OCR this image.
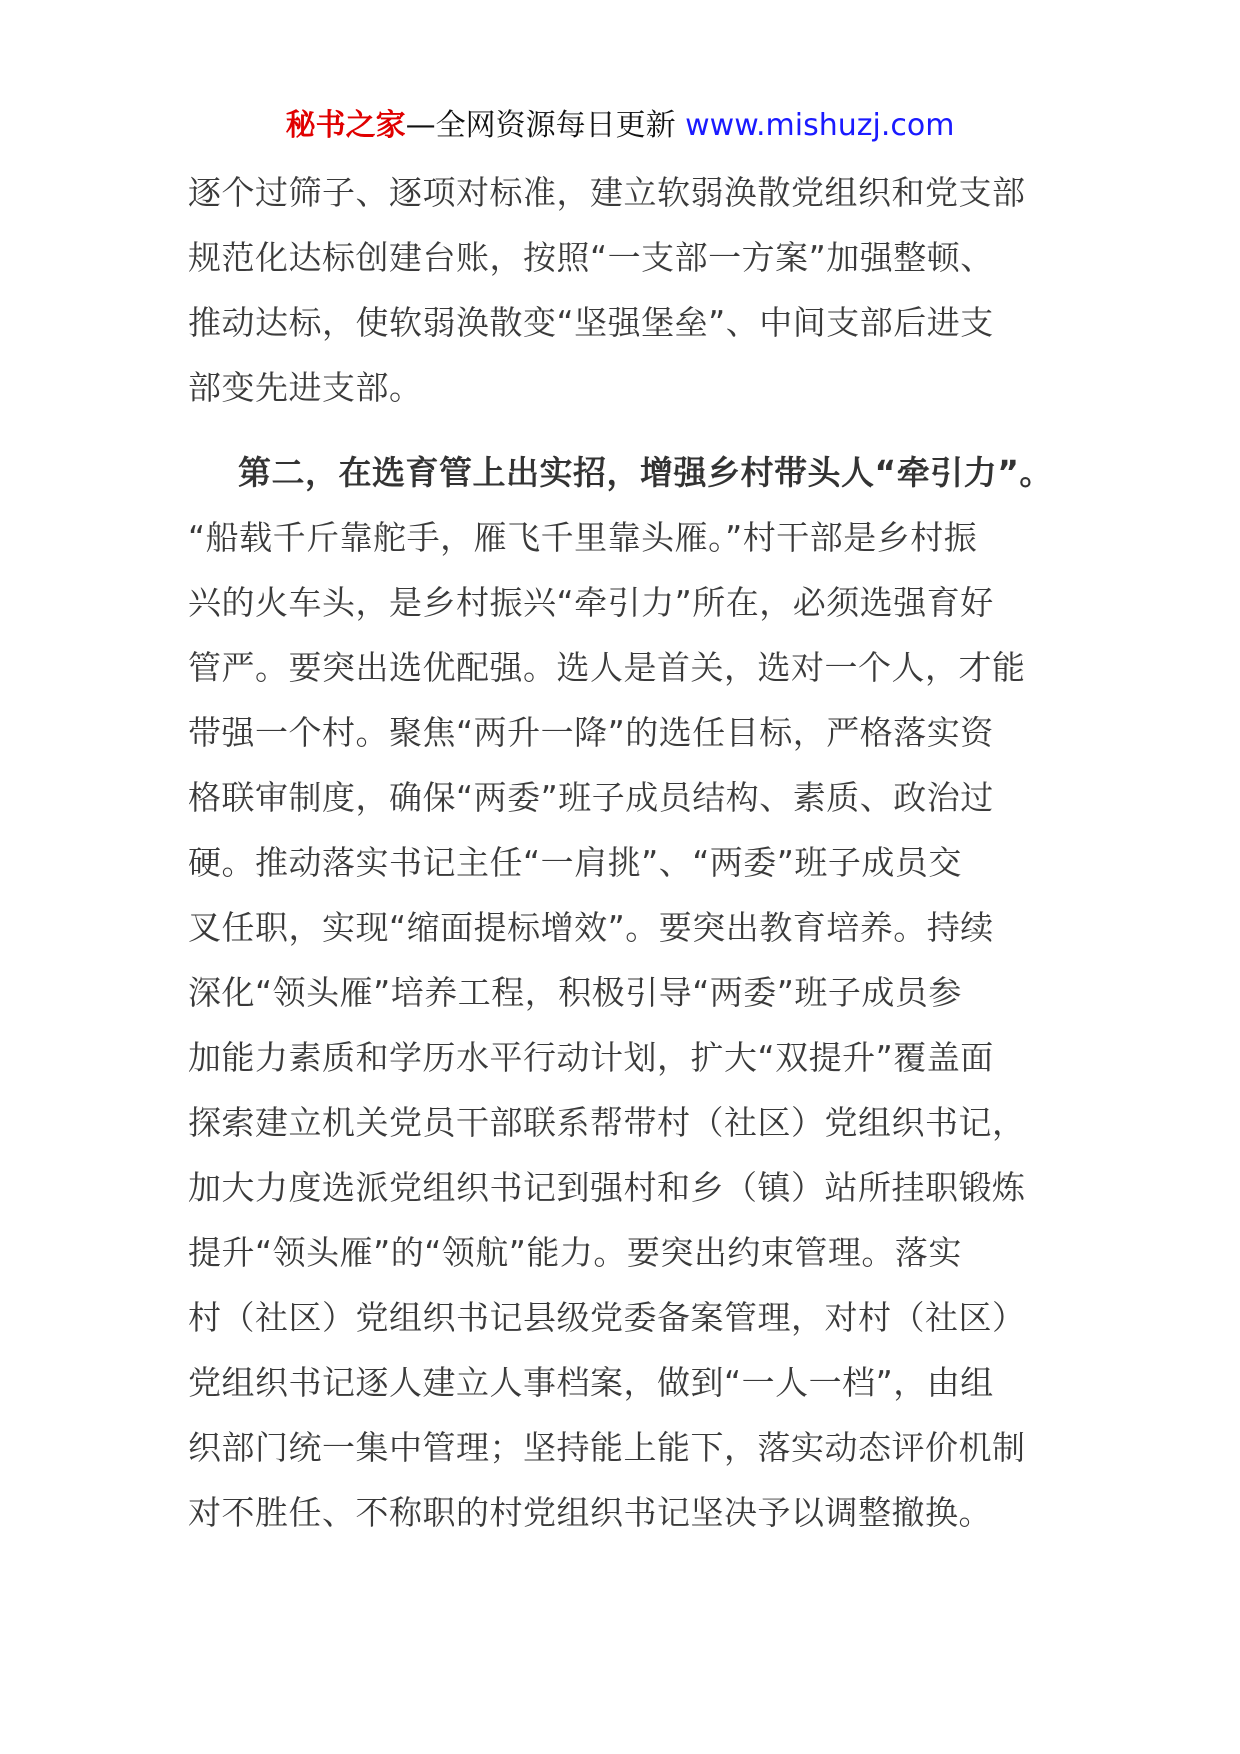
秘书之家—全网资源每日更新 www.mishuzj.com
逐个过筛子、逐项对标准，建立软弱涣散党组织和党支部
规范化达标创建台账，按照“一支部一方案”加强整顿、
推动达标，使软弱涣散变“坚强堡垒”、中间支部后进支
部变先进支部。
第二，在选育管上出实招，增强乡村带头人“牵引力”。
“船载千斤靠舵手，雁飞千里靠头雁。”村干部是乡村振
兴的火车头，是乡村振兴“牵引力”所在，必须选强育好
管严。要突出选优配强。选人是首关，选对一个人，才能
带强一个村。聚焦“两升一降”的选任目标，严格落实资
格联审制度，确保“两委”班子成员结构、素质、政治过
硬。推动落实书记主任“一肩挑”、“两委”班子成员交
叉任职，实现“缩面提标增效”。要突出教育培养。持续
深化“领头雁”培养工程，积极引导“两委”班子成员参
加能力素质和学历水平行动计划，扩大“双提升”覆盖面
探索建立机关党员干部联系帮带村（社区）党组织书记，
加大力度选派党组织书记到强村和乡（镇）站所挂职锻炼
提升“领头雁”的“领航”能力。要突出约束管理。落实
村（社区）党组织书记县级党委备案管理，对村（社区）
党组织书记逐人建立人事档案，做到“一人一档”，由组
织部门统一集中管理；坚持能上能下，落实动态评价机制
对不胜任、不称职的村党组织书记坚决予以调整撤换。
